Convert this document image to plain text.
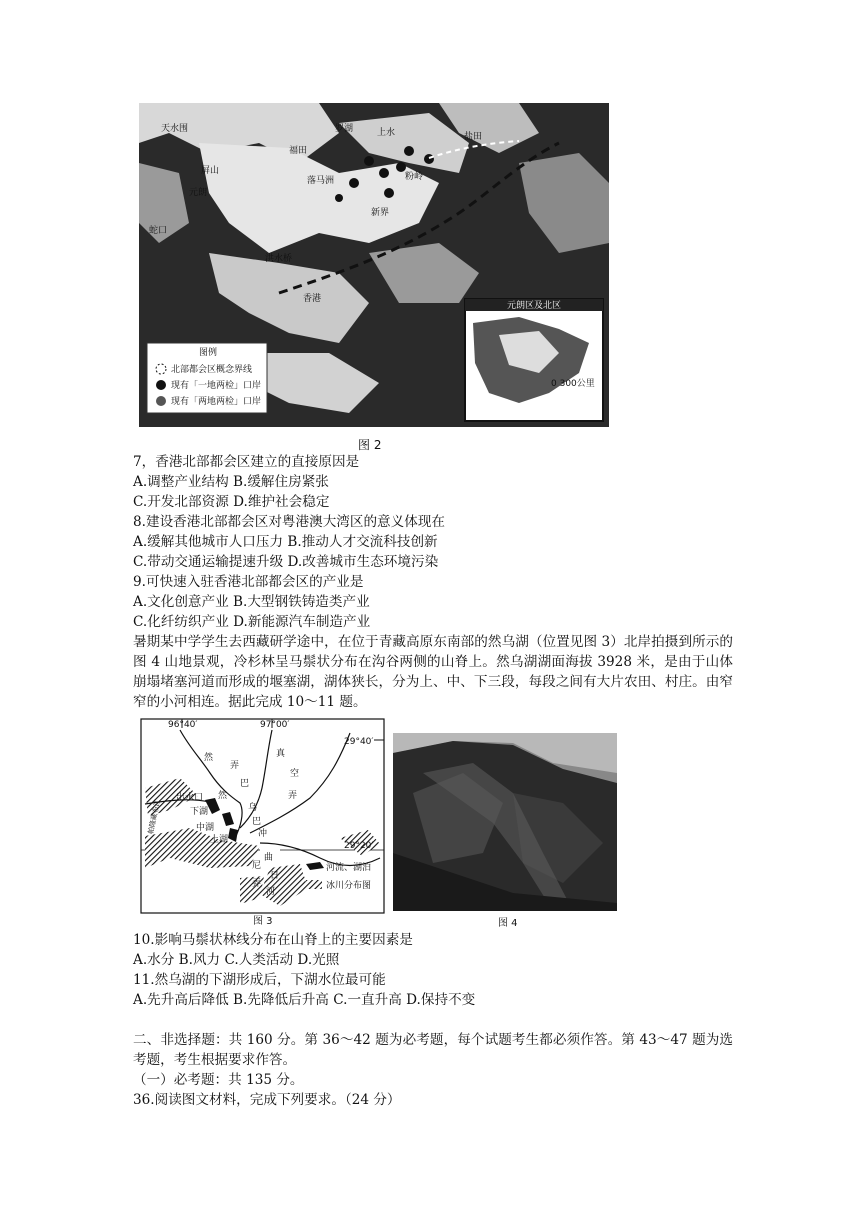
天水围
屏山
元朗
福田
罗湖	上水
粉岭
盐田
落马洲
新界
洪水桥
香港
蛇口
图例
北部都会区概念界线
现有「一地两检」口岸
现有「两地两检」口岸
元朗区及北区
0 300公里
图 2
7，香港北部都会区建立的直接原因是
A.调整产业结构 B.缓解住房紧张
C.开发北部资源 D.维护社会稳定
8.建设香港北部都会区对粤港澳大湾区的意义体现在
A.缓解其他城市人口压力 B.推动人才交流科技创新
C.带动交通运输提速升级 D.改善城市生态环境污染
9.可快速入驻香港北部都会区的产业是
A.文化创意产业 B.大型钢铁铸造类产业
C.化纤纺织产业 D.新能源汽车制造产业
暑期某中学学生去西藏研学途中，在位于青藏高原东南部的然乌湖（位置见图 3）北岸拍摄到所示的图 4 山地景观，冷杉林呈马鬃状分布在沟谷两侧的山脊上。然乌湖湖面海拔 3928 米，是由于山体崩塌堵塞河道而形成的堰塞湖，湖体狭长，分为上、中、下三段，每段之间有大片农田、村庄。由窄窄的小河相连。据此完成 10～11 题。
96°40′	97°00′
29°40′
29°20′
然
弄
巴
真
空
弄
出水口
下湖
中湖
然
乌
巴
上湖
冲
曲
日
河
帕隆藏布江
尼
弄
河流、湖泊
冰川分布图
图 3	图 4
10.影响马鬃状林线分布在山脊上的主要因素是
A.水分 B.风力 C.人类活动 D.光照
11.然乌湖的下湖形成后，下湖水位最可能
A.先升高后降低 B.先降低后升高 C.一直升高 D.保持不变
二、非选择题：共 160 分。第 36～42 题为必考题，每个试题考生都必须作答。第 43～47 题为选考题，考生根据要求作答。
（一）必考题：共 135 分。
36.阅读图文材料，完成下列要求。（24 分）
